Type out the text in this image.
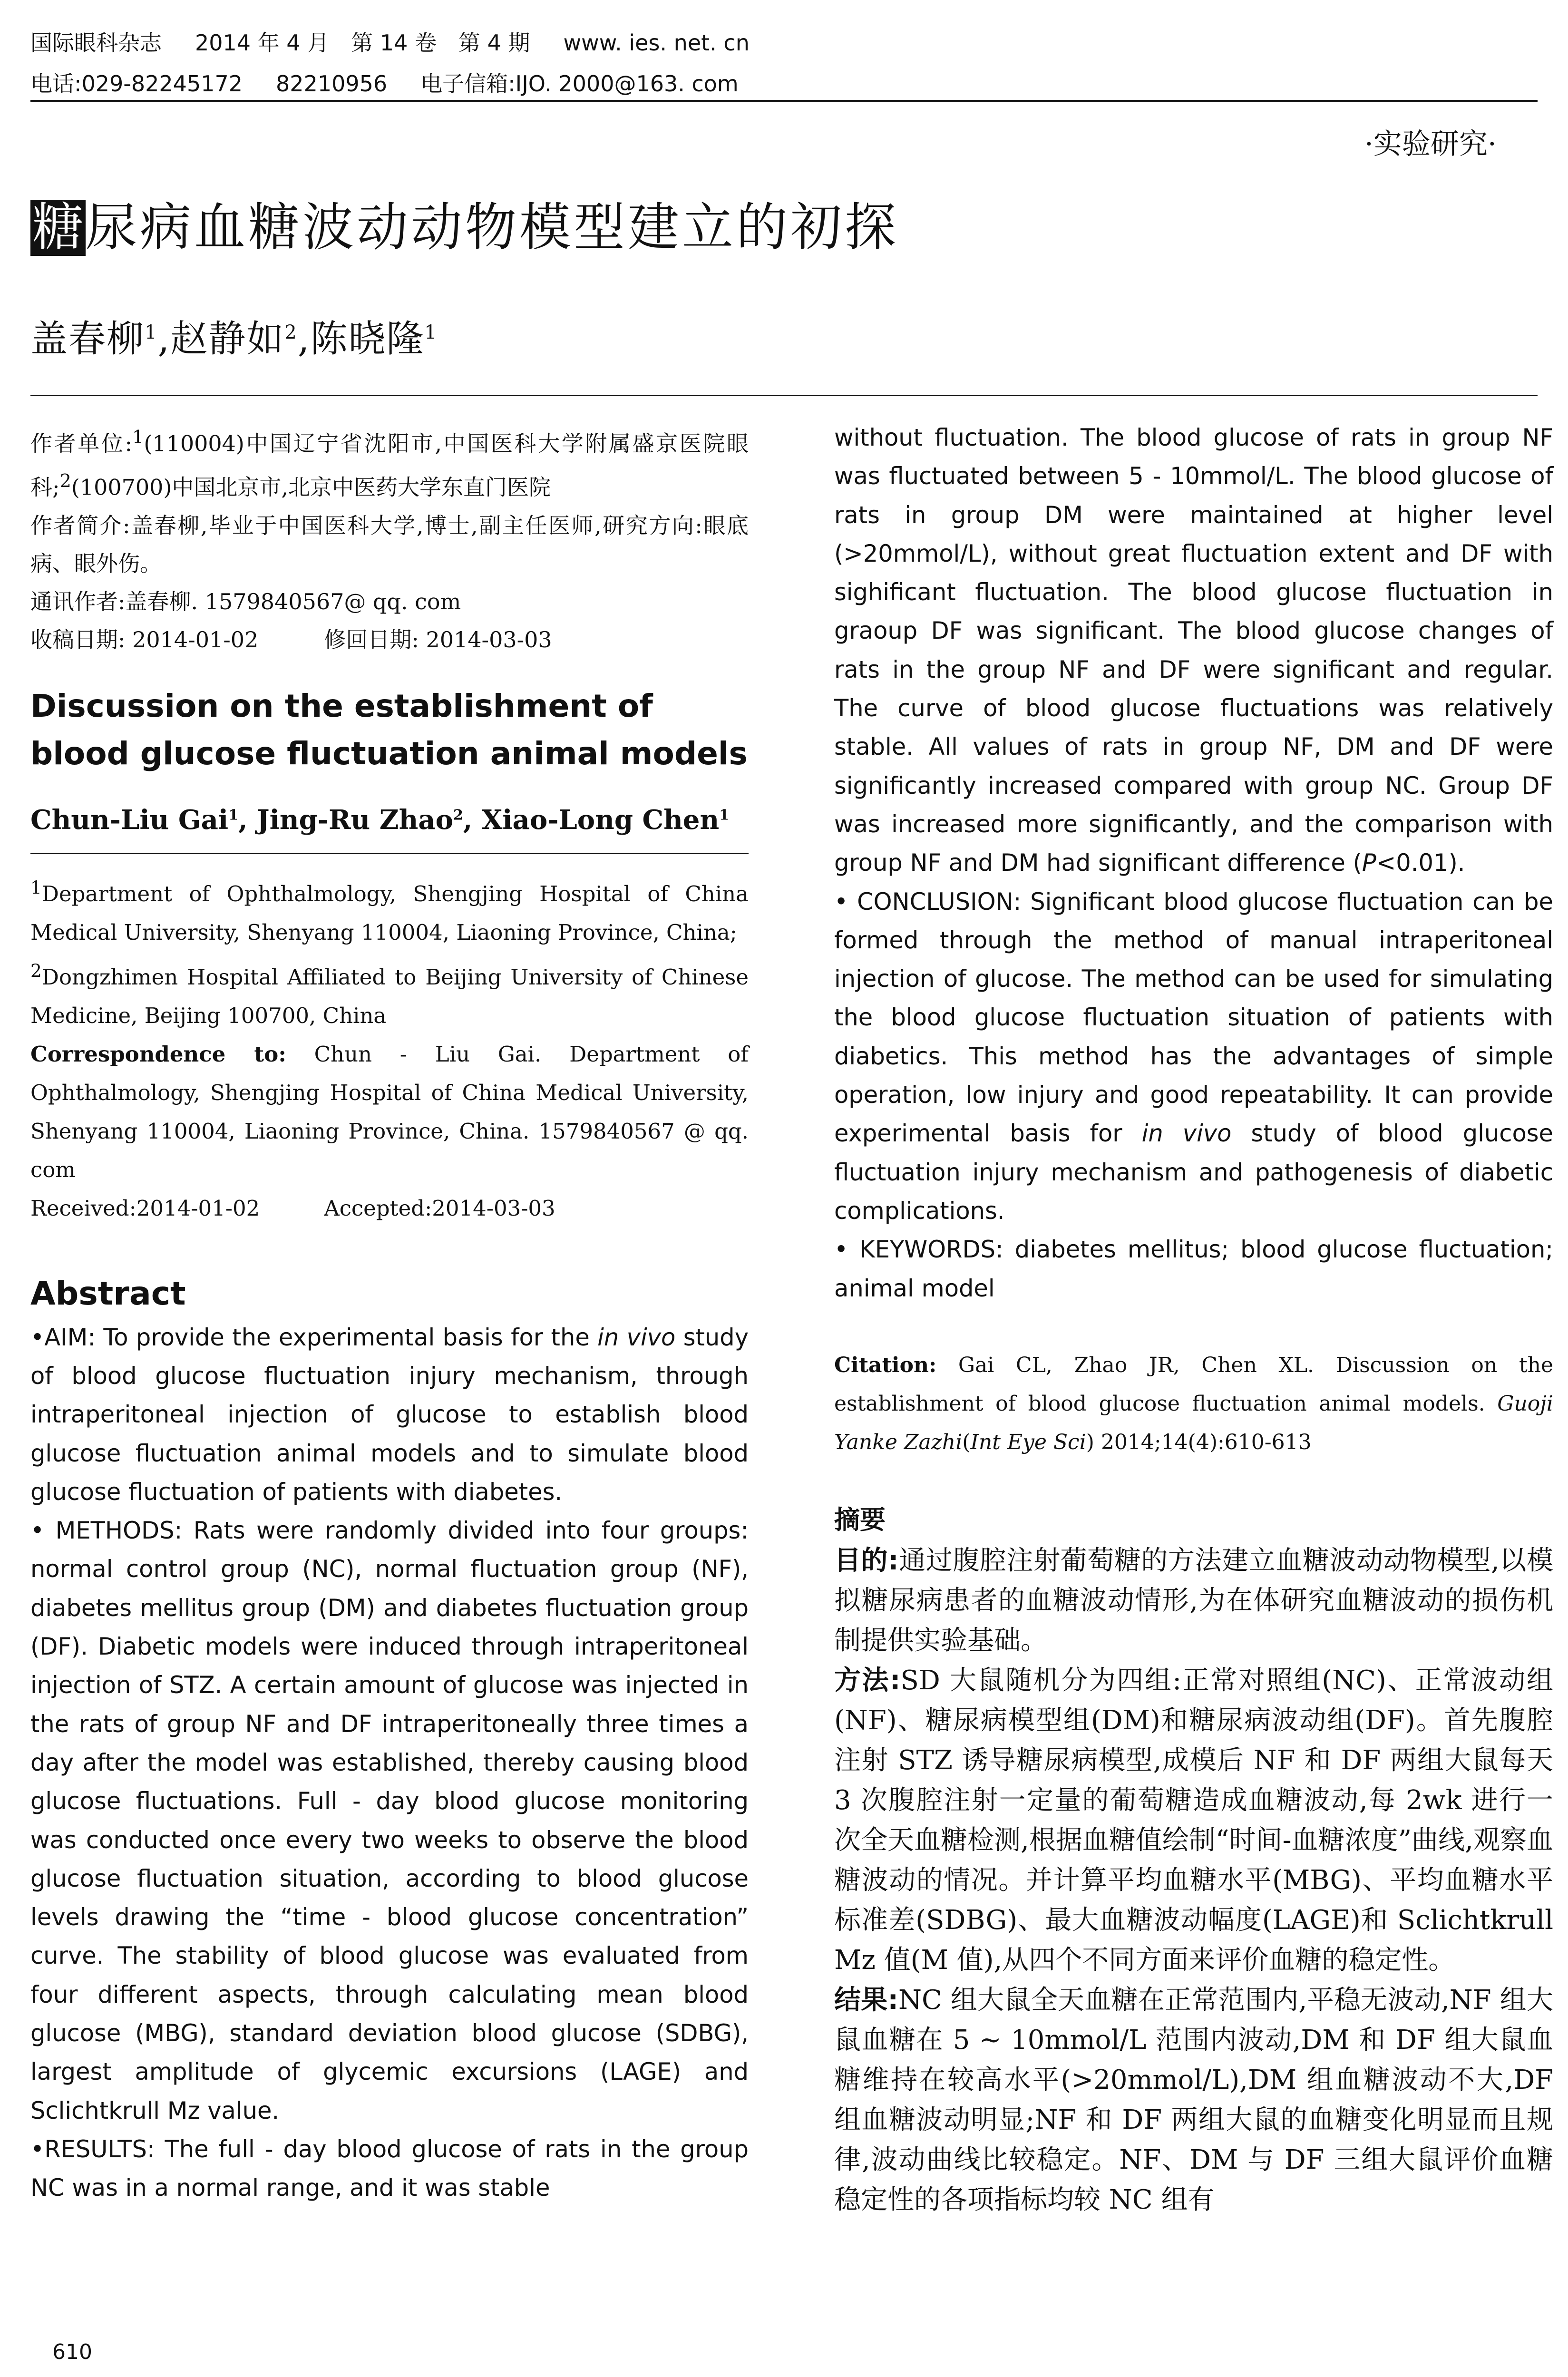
国际眼科杂志 2014 年 4 月　第 14 卷　第 4 期 www. ies. net. cn
电话:029-82245172 82210956 电子信箱:IJO. 2000@163. com
·实验研究·
糖 尿病血糖波动动物模型建立的初探
盖春柳$^1$,赵静如$^2$,陈晓隆$^1$

作者单位:$^1$(110004)中国辽宁省沈阳市,中国医科大学附属盛京医院眼科;$^2$(100700)中国北京市,北京中医药大学东直门医院

作者简介:盖春柳,毕业于中国医科大学,博士,副主任医师,研究方向:眼底病、眼外伤。

通讯作者:盖春柳. 1579840567@ qq. com

收稿日期: 2014-01-02　　　修回日期: 2014-03-03

Discussion on the establishment of blood glucose fluctuation animal models
Chun-Liu Gai$^1$, Jing-Ru Zhao$^2$, Xiao-Long Chen$^1$

$^1$Department of Ophthalmology, Shengjing Hospital of China Medical University, Shenyang 110004, Liaoning Province, China;

$^2$Dongzhimen Hospital Affiliated to Beijing University of Chinese Medicine, Beijing 100700, China

Correspondence to: Chun - Liu Gai. Department of Ophthalmology, Shengjing Hospital of China Medical University, Shenyang 110004, Liaoning Province, China. 1579840567 @ qq. com

Received:2014-01-02　　　Accepted:2014-03-03

Abstract

•AIM: To provide the experimental basis for the in vivo study of blood glucose fluctuation injury mechanism, through intraperitoneal injection of glucose to establish blood glucose fluctuation animal models and to simulate blood glucose fluctuation of patients with diabetes.

• METHODS: Rats were randomly divided into four groups: normal control group (NC), normal fluctuation group (NF), diabetes mellitus group (DM) and diabetes fluctuation group (DF). Diabetic models were induced through intraperitoneal injection of STZ. A certain amount of glucose was injected in the rats of group NF and DF intraperitoneally three times a day after the model was established, thereby causing blood glucose fluctuations. Full - day blood glucose monitoring was conducted once every two weeks to observe the blood glucose fluctuation situation, according to blood glucose levels drawing the “time - blood glucose concentration” curve. The stability of blood glucose was evaluated from four different aspects, through calculating mean blood glucose (MBG), standard deviation blood glucose (SDBG), largest amplitude of glycemic excursions (LAGE) and Sclichtkrull Mz value.

•RESULTS: The full - day blood glucose of rats in the group NC was in a normal range, and it was stable

without fluctuation. The blood glucose of rats in group NF was fluctuated between 5 - 10mmol/L. The blood glucose of rats in group DM were maintained at higher level (>20mmol/L), without great fluctuation extent and DF with sighificant fluctuation. The blood glucose fluctuation in graoup DF was significant. The blood glucose changes of rats in the group NF and DF were significant and regular. The curve of blood glucose fluctuations was relatively stable. All values of rats in group NF, DM and DF were significantly increased compared with group NC. Group DF was increased more significantly, and the comparison with group NF and DM had significant difference (P<0.01).

• CONCLUSION: Significant blood glucose fluctuation can be formed through the method of manual intraperitoneal injection of glucose. The method can be used for simulating the blood glucose fluctuation situation of patients with diabetics. This method has the advantages of simple operation, low injury and good repeatability. It can provide experimental basis for in vivo study of blood glucose fluctuation injury mechanism and pathogenesis of diabetic complications.

• KEYWORDS: diabetes mellitus; blood glucose fluctuation; animal model

Citation: Gai CL, Zhao JR, Chen XL. Discussion on the establishment of blood glucose fluctuation animal models. Guoji Yanke Zazhi(Int Eye Sci) 2014;14(4):610-613

摘要

目的:通过腹腔注射葡萄糖的方法建立血糖波动动物模型,以模拟糖尿病患者的血糖波动情形,为在体研究血糖波动的损伤机制提供实验基础。

方法:SD 大鼠随机分为四组:正常对照组(NC)、正常波动组(NF)、糖尿病模型组(DM)和糖尿病波动组(DF)。首先腹腔注射 STZ 诱导糖尿病模型,成模后 NF 和 DF 两组大鼠每天 3 次腹腔注射一定量的葡萄糖造成血糖波动,每 2wk 进行一次全天血糖检测,根据血糖值绘制“时间-血糖浓度”曲线,观察血糖波动的情况。并计算平均血糖水平(MBG)、平均血糖水平标准差(SDBG)、最大血糖波动幅度(LAGE)和 Sclichtkrull Mz 值(M 值),从四个不同方面来评价血糖的稳定性。

结果:NC 组大鼠全天血糖在正常范围内,平稳无波动,NF 组大鼠血糖在 5 ~ 10mmol/L 范围内波动,DM 和 DF 组大鼠血糖维持在较高水平(>20mmol/L),DM 组血糖波动不大,DF 组血糖波动明显;NF 和 DF 两组大鼠的血糖变化明显而且规律,波动曲线比较稳定。NF、DM 与 DF 三组大鼠评价血糖稳定性的各项指标均较 NC 组有

610
